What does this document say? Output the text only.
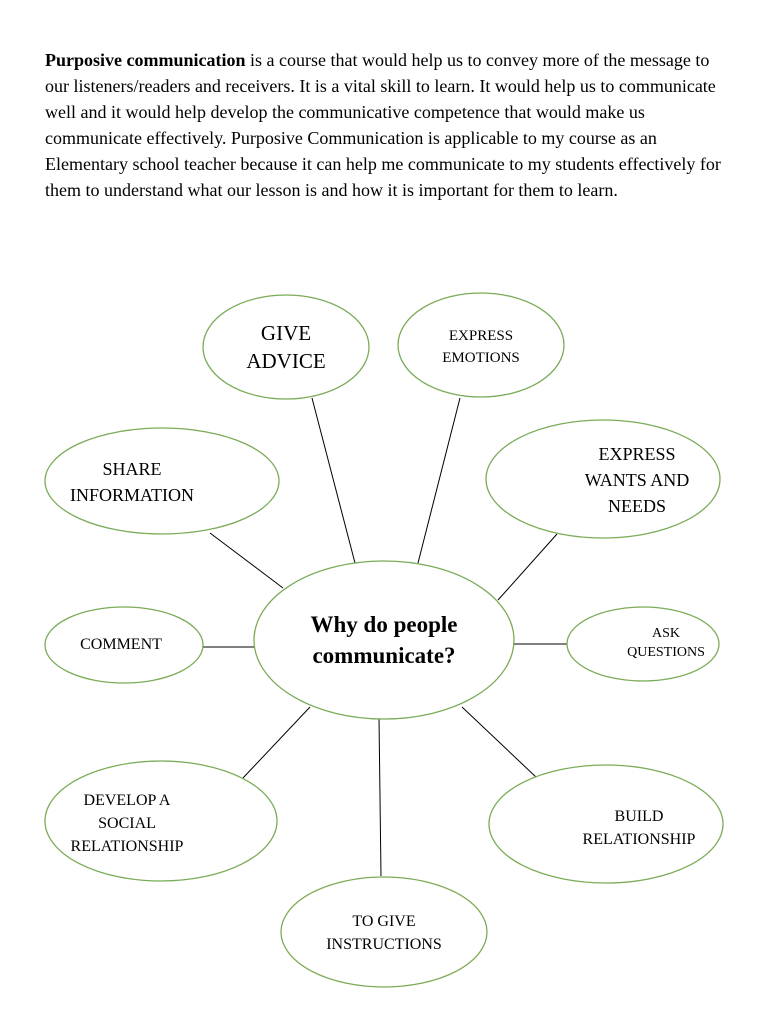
Purposive communication is a course that would help us to convey more of the message to our listeners/readers and receivers. It is a vital skill to learn. It would help us to communicate well and it would help develop the communicative competence that would make us communicate effectively. Purposive Communication is applicable to my course as an Elementary school teacher because it can help me communicate to my students effectively for them to understand what our lesson is and how it is important for them to learn.

Why do people
communicate?
GIVE
ADVICE
EXPRESS
EMOTIONS
SHARE
INFORMATION
EXPRESS
WANTS AND
NEEDS
COMMENT
ASK
QUESTIONS
DEVELOP A
SOCIAL
RELATIONSHIP
BUILD
RELATIONSHIP
TO GIVE
INSTRUCTIONS
